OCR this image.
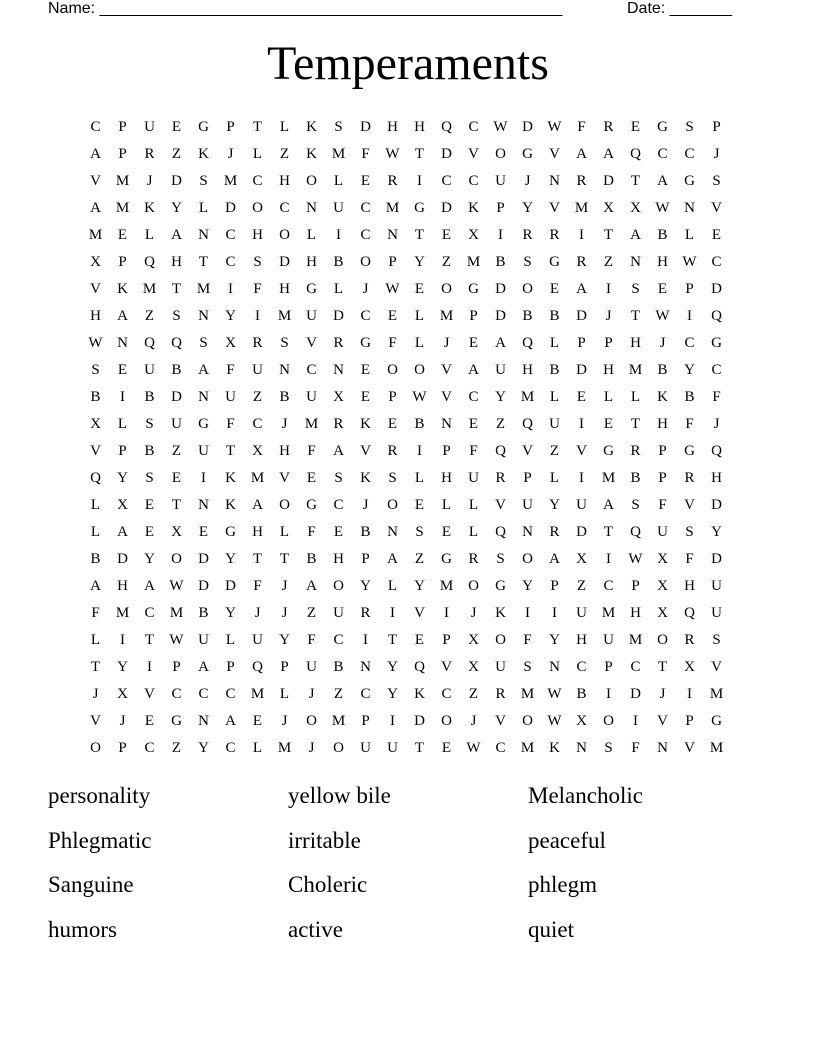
Name: ____________________________________________________	Date: _______
Temperaments
C	P	U	E	G	P	T	L	K	S	D	H	H	Q	C W D W	F	R	E	G	S	P
A	P	R	Z	K	J	L	Z	K M	F	W	T	D	V	O	G	V	A	A	Q	C	C	J
V M	J	D	S	M	C	H	O	L	E	R	I	C	C	U	J	N	R	D	T	A	G	S
A M K	Y	L	D	O	C	N	U	C	M G	D	K	P	Y	V M X	X W N	V
M	E	L	A	N	C	H	O	L	I	C	N	T	E	X	I	R	R	I	T	A	B	L	E
X	P	Q	H	T	C	S	D	H	B	O	P	Y	Z	M	B	S	G	R	Z	N	H W C
V	K M	T	M	I	F	H	G	L	J	W	E	O	G	D	O	E	A	I	S	E	P	D
H	A	Z	S	N	Y	I	M U	D	C	E	L	M	P	D	B	B	D	J	T	W	I	Q
W N	Q	Q	S	X	R	S	V	R	G	F	L	J	E	A	Q	L	P	P	H	J	C	G
S	E	U	B	A	F	U	N	C	N	E	O	O	V	A	U	H	B	D	H M	B	Y	C
B	I	B	D	N	U	Z	B	U	X	E	P	W V	C	Y M	L	E	L	L	K	B	F
X	L	S	U	G	F	C	J	M	R	K	E	B	N	E	Z	Q	U	I	E	T	H	F	J
V	P	B	Z	U	T	X	H	F	A	V	R	I	P	F	Q	V	Z	V	G	R	P	G	Q
Q	Y	S	E	I	K M V	E	S	K	S	L	H	U	R	P	L	I	M	B	P	R	H
L	X	E	T	N	K	A	O	G	C	J	O	E	L	L	V	U	Y	U	A	S	F	V	D
L	A	E	X	E	G	H	L	F	E	B	N	S	E	L	Q	N	R	D	T	Q	U	S	Y
B	D	Y	O	D	Y	T	T	B	H	P	A	Z	G	R	S	O	A	X	I	W X	F	D
A	H	A W D	D	F	J	A	O	Y	L	Y M O	G	Y	P	Z	C	P	X	H	U
F	M	C	M	B	Y	J	J	Z	U	R	I	V	I	J	K	I	I	U M H	X	Q	U
L	I	T	W U	L	U	Y	F	C	I	T	E	P	X	O	F	Y	H	U M O	R	S
T	Y	I	P	A	P	Q	P	U	B	N	Y	Q	V	X	U	S	N	C	P	C	T	X	V
J	X	V	C	C	C	M	L	J	Z	C	Y	K	C	Z	R	M W B	I	D	J	I	M
V	J	E	G	N	A	E	J	O M	P	I	D	O	J	V	O W X	O	I	V	P	G
O	P	C	Z	Y	C	L	M	J	O	U	U	T	E	W C	M K	N	S	F	N	V M
personality	yellow bile	Melancholic
Phlegmatic	irritable	peaceful
Sanguine	Choleric	phlegm
humors	active	quiet
